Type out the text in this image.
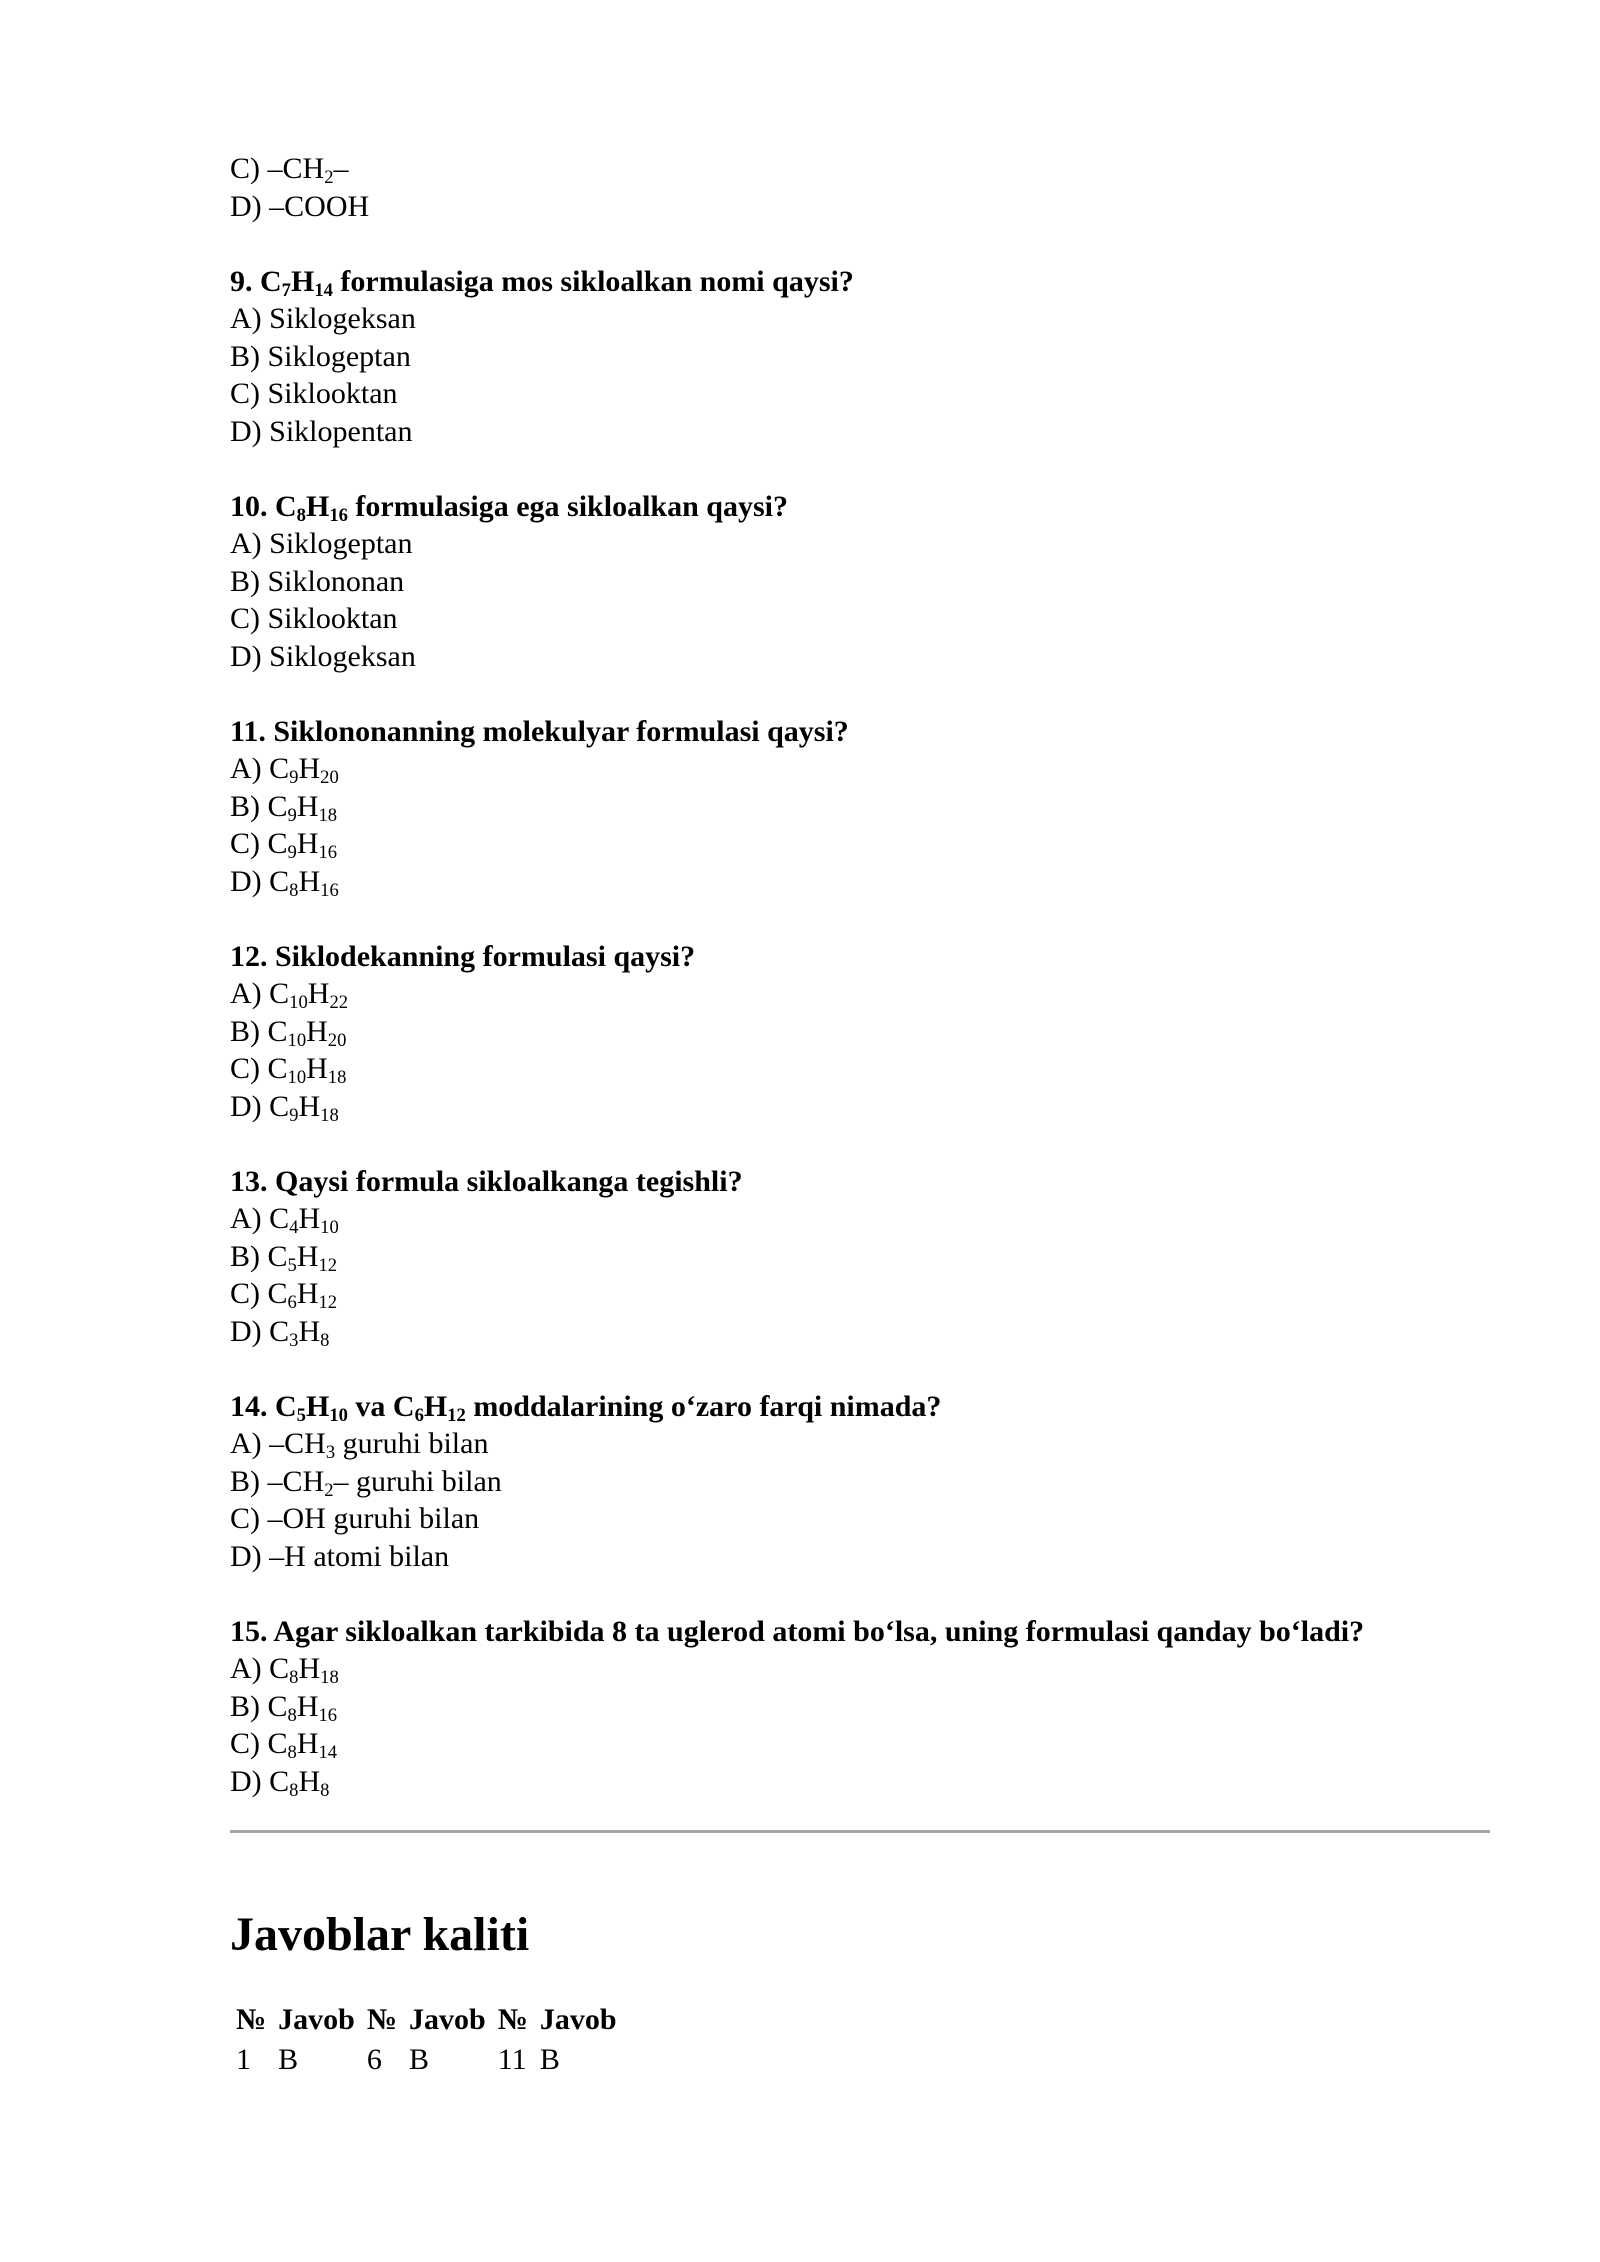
C) $-CH_2-$
D) –COOH
9. $C_7H_{14}$ formulasiga mos sikloalkan nomi qaysi?
A) Siklogeksan
B) Siklogeptan
C) Siklooktan
D) Siklopentan
10. $C_8H_{16}$ formulasiga ega sikloalkan qaysi?
A) Siklogeptan
B) Siklononan
C) Siklooktan
D) Siklogeksan
11. Siklononanning molekulyar formulasi qaysi?
A) $C_9H_{20}$
B) $C_9H_{18}$
C) $C_9H_{16}$
D) $C_8H_{16}$
12. Siklodekanning formulasi qaysi?
A) $C_{10}H_{22}$
B) $C_{10}H_{20}$
C) $C_{10}H_{18}$
D) $C_9H_{18}$
13. Qaysi formula sikloalkanga tegishli?
A) $C_4H_{10}$
B) $C_5H_{12}$
C) $C_6H_{12}$
D) $C_3H_8$
14. $C_5H_{10}$ va $C_6H_{12}$ moddalarining o‘zaro farqi nimada?
A) $-CH_3$ guruhi bilan
B) $-CH_2-$ guruhi bilan
C) –OH guruhi bilan
D) –H atomi bilan
15. Agar sikloalkan tarkibida 8 ta uglerod atomi bo‘lsa, uning formulasi qanday bo‘ladi?
A) $C_8H_{18}$
B) $C_8H_{16}$
C) $C_8H_{14}$
D) $C_8H_8$
Javoblar kaliti
№	Javob	№	Javob	№	Javob
1	B	6	B	11	B
